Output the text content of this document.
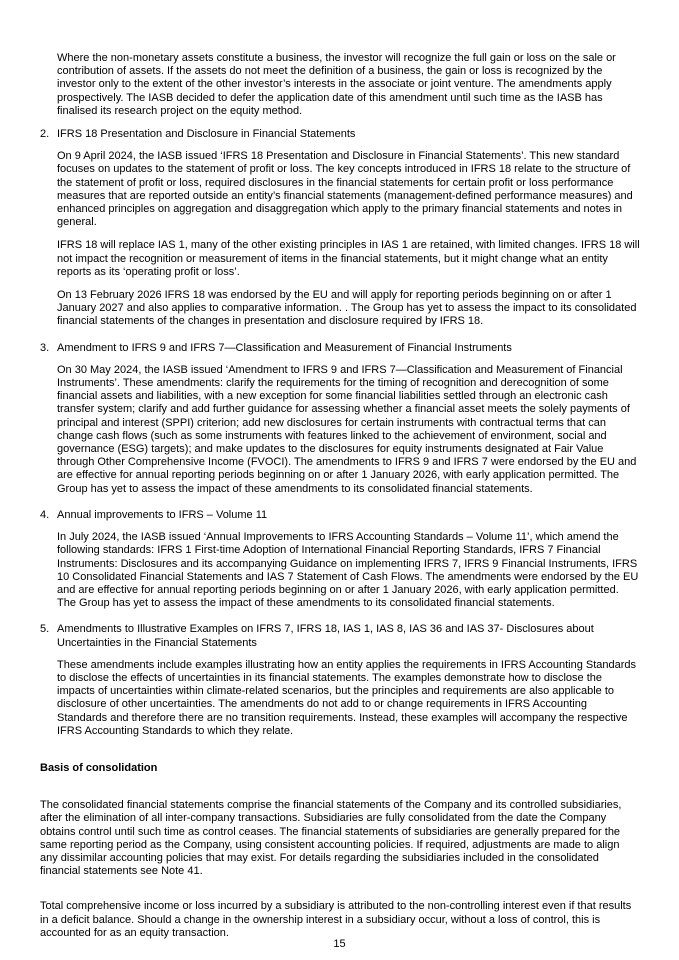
Where the non-monetary assets constitute a business, the investor will recognize the full gain or loss on the sale or contribution of assets. If the assets do not meet the definition of a business, the gain or loss is recognized by the investor only to the extent of the other investor’s interests in the associate or joint venture. The amendments apply prospectively. The IASB decided to defer the application date of this amendment until such time as the IASB has finalised its research project on the equity method.

2. IFRS 18 Presentation and Disclosure in Financial Statements

On 9 April 2024, the IASB issued ‘IFRS 18 Presentation and Disclosure in Financial Statements’. This new standard focuses on updates to the statement of profit or loss. The key concepts introduced in IFRS 18 relate to the structure of the statement of profit or loss, required disclosures in the financial statements for certain profit or loss performance measures that are reported outside an entity’s financial statements (management-defined performance measures) and enhanced principles on aggregation and disaggregation which apply to the primary financial statements and notes in general.

IFRS 18 will replace IAS 1, many of the other existing principles in IAS 1 are retained, with limited changes. IFRS 18 will not impact the recognition or measurement of items in the financial statements, but it might change what an entity reports as its ‘operating profit or loss’.

On 13 February 2026 IFRS 18 was endorsed by the EU and will apply for reporting periods beginning on or after 1 January 2027 and also applies to comparative information. . The Group has yet to assess the impact to its consolidated financial statements of the changes in presentation and disclosure required by IFRS 18.

3. Amendment to IFRS 9 and IFRS 7—Classification and Measurement of Financial Instruments

On 30 May 2024, the IASB issued ‘Amendment to IFRS 9 and IFRS 7—Classification and Measurement of Financial Instruments’. These amendments: clarify the requirements for the timing of recognition and derecognition of some financial assets and liabilities, with a new exception for some financial liabilities settled through an electronic cash transfer system; clarify and add further guidance for assessing whether a financial asset meets the solely payments of principal and interest (SPPI) criterion; add new disclosures for certain instruments with contractual terms that can change cash flows (such as some instruments with features linked to the achievement of environment, social and governance (ESG) targets); and make updates to the disclosures for equity instruments designated at Fair Value through Other Comprehensive Income (FVOCI). The amendments to IFRS 9 and IFRS 7 were endorsed by the EU and are effective for annual reporting periods beginning on or after 1 January 2026, with early application permitted. The Group has yet to assess the impact of these amendments to its consolidated financial statements.

4. Annual improvements to IFRS – Volume 11

In July 2024, the IASB issued ‘Annual Improvements to IFRS Accounting Standards – Volume 11’, which amend the following standards: IFRS 1 First-time Adoption of International Financial Reporting Standards, IFRS 7 Financial Instruments: Disclosures and its accompanying Guidance on implementing IFRS 7, IFRS 9 Financial Instruments, IFRS 10 Consolidated Financial Statements and IAS 7 Statement of Cash Flows. The amendments were endorsed by the EU and are effective for annual reporting periods beginning on or after 1 January 2026, with early application permitted. The Group has yet to assess the impact of these amendments to its consolidated financial statements.

5. Amendments to Illustrative Examples on IFRS 7, IFRS 18, IAS 1, IAS 8, IAS 36 and IAS 37- Disclosures about Uncertainties in the Financial Statements

These amendments include examples illustrating how an entity applies the requirements in IFRS Accounting Standards to disclose the effects of uncertainties in its financial statements. The examples demonstrate how to disclose the impacts of uncertainties within climate-related scenarios, but the principles and requirements are also applicable to disclosure of other uncertainties. The amendments do not add to or change requirements in IFRS Accounting Standards and therefore there are no transition requirements. Instead, these examples will accompany the respective IFRS Accounting Standards to which they relate.

Basis of consolidation

The consolidated financial statements comprise the financial statements of the Company and its controlled subsidiaries, after the elimination of all inter-company transactions. Subsidiaries are fully consolidated from the date the Company obtains control until such time as control ceases. The financial statements of subsidiaries are generally prepared for the same reporting period as the Company, using consistent accounting policies. If required, adjustments are made to align any dissimilar accounting policies that may exist. For details regarding the subsidiaries included in the consolidated financial statements see Note 41.

Total comprehensive income or loss incurred by a subsidiary is attributed to the non-controlling interest even if that results in a deficit balance. Should a change in the ownership interest in a subsidiary occur, without a loss of control, this is accounted for as an equity transaction.

15
